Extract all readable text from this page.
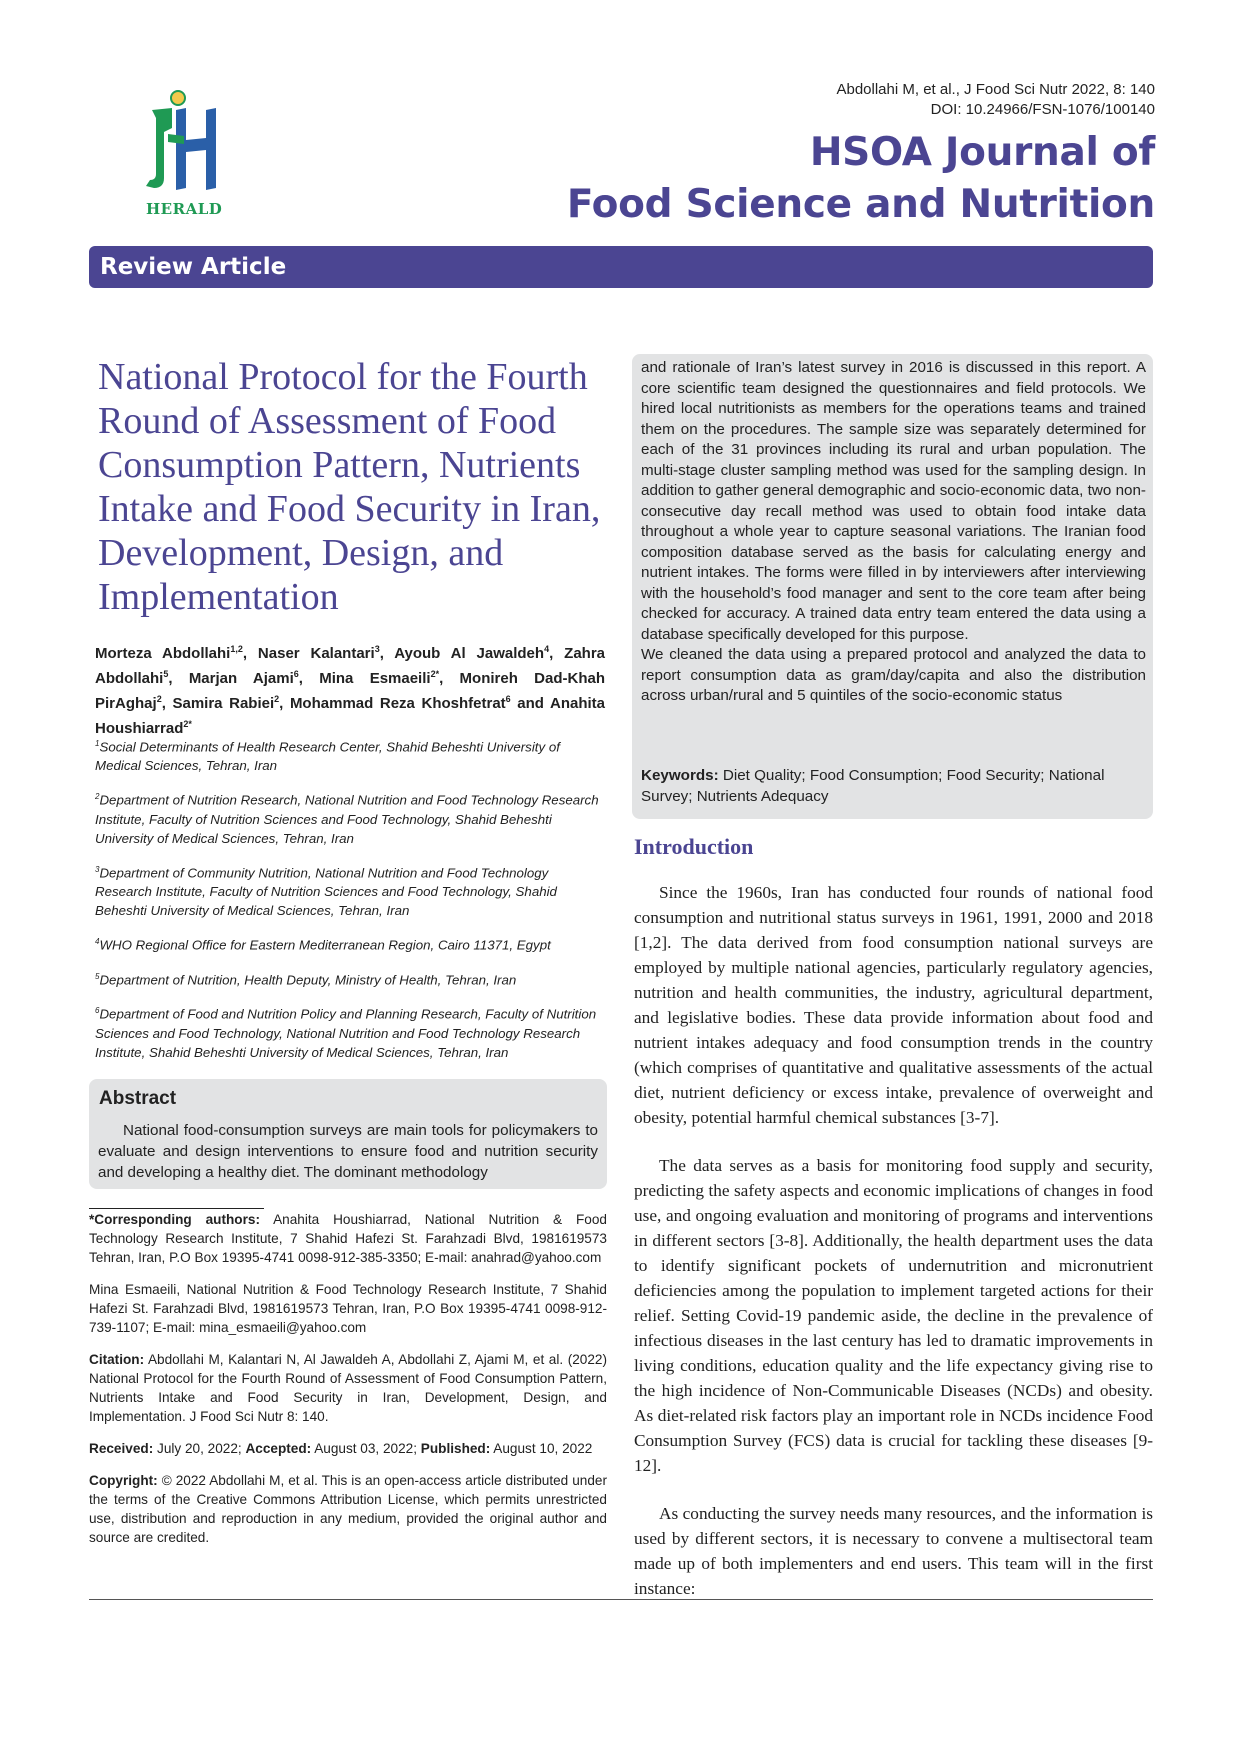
HERALD
Abdollahi M, et al., J Food Sci Nutr 2022, 8: 140
DOI: 10.24966/FSN-1076/100140
HSOA Journal of
Food Science and Nutrition
Review Article
National Protocol for the Fourth Round of Assessment of Food Consumption Pattern, Nutrients Intake and Food Security in Iran, Development, Design, and Implementation
Morteza Abdollahi$^{1,2}$, Naser Kalantari$^3$, Ayoub Al Jawaldeh$^4$, Zahra Abdollahi$^5$, Marjan Ajami$^6$, Mina Esmaeili$^{2*}$, Monireh Dad-Khah PirAghaj$^2$, Samira Rabiei$^2$, Mohammad Reza Khoshfetrat$^6$ and Anahita Houshiarrad$^{2*}$

$^1$Social Determinants of Health Research Center, Shahid Beheshti University of Medical Sciences, Tehran, Iran

$^2$Department of Nutrition Research, National Nutrition and Food Technology Research Institute, Faculty of Nutrition Sciences and Food Technology, Shahid Beheshti University of Medical Sciences, Tehran, Iran

$^3$Department of Community Nutrition, National Nutrition and Food Technology Research Institute, Faculty of Nutrition Sciences and Food Technology, Shahid Beheshti University of Medical Sciences, Tehran, Iran

$^4$WHO Regional Office for Eastern Mediterranean Region, Cairo 11371, Egypt

$^5$Department of Nutrition, Health Deputy, Ministry of Health, Tehran, Iran

$^6$Department of Food and Nutrition Policy and Planning Research, Faculty of Nutrition Sciences and Food Technology, National Nutrition and Food Technology Research Institute, Shahid Beheshti University of Medical Sciences, Tehran, Iran

Abstract

National food-consumption surveys are main tools for policymakers to evaluate and design interventions to ensure food and nutrition security and developing a healthy diet. The dominant methodology

*Corresponding authors: Anahita Houshiarrad, National Nutrition & Food Technology Research Institute, 7 Shahid Hafezi St. Farahzadi Blvd, 1981619573 Tehran, Iran, P.O Box 19395-4741 0098-912-385-3350; E-mail: anahrad@yahoo.com

Mina Esmaeili, National Nutrition & Food Technology Research Institute, 7 Shahid Hafezi St. Farahzadi Blvd, 1981619573 Tehran, Iran, P.O Box 19395-4741 0098-912-739-1107; E-mail: mina_esmaeili@yahoo.com

Citation: Abdollahi M, Kalantari N, Al Jawaldeh A, Abdollahi Z, Ajami M, et al. (2022) National Protocol for the Fourth Round of Assessment of Food Consumption Pattern, Nutrients Intake and Food Security in Iran, Development, Design, and Implementation. J Food Sci Nutr 8: 140.

Received: July 20, 2022; Accepted: August 03, 2022; Published: August 10, 2022

Copyright: © 2022 Abdollahi M, et al. This is an open-access article distributed under the terms of the Creative Commons Attribution License, which permits unrestricted use, distribution and reproduction in any medium, provided the original author and source are credited.

and rationale of Iran’s latest survey in 2016 is discussed in this report. A core scientific team designed the questionnaires and field protocols. We hired local nutritionists as members for the operations teams and trained them on the procedures. The sample size was separately determined for each of the 31 provinces including its rural and urban population. The multi-stage cluster sampling method was used for the sampling design. In addition to gather general demographic and socio-economic data, two non-consecutive day recall method was used to obtain food intake data throughout a whole year to capture seasonal variations. The Iranian food composition database served as the basis for calculating energy and nutrient intakes. The forms were filled in by interviewers after interviewing with the household’s food manager and sent to the core team after being checked for accuracy. A trained data entry team entered the data using a database specifically developed for this purpose.
We cleaned the data using a prepared protocol and analyzed the data to report consumption data as gram/day/capita and also the distribution across urban/rural and 5 quintiles of the socio-economic status
Keywords: Diet Quality; Food Consumption; Food Security; National Survey; Nutrients Adequacy
Introduction

Since the 1960s, Iran has conducted four rounds of national food consumption and nutritional status surveys in 1961, 1991, 2000 and 2018 [1,2]. The data derived from food consumption national surveys are employed by multiple national agencies, particularly regulatory agencies, nutrition and health communities, the industry, agricultural department, and legislative bodies. These data provide information about food and nutrient intakes adequacy and food consumption trends in the country (which comprises of quantitative and qualitative assessments of the actual diet, nutrient deficiency or excess intake, prevalence of overweight and obesity, potential harmful chemical substances [3-7].

The data serves as a basis for monitoring food supply and security, predicting the safety aspects and economic implications of changes in food use, and ongoing evaluation and monitoring of programs and interventions in different sectors [3-8]. Additionally, the health department uses the data to identify significant pockets of undernutrition and micronutrient deficiencies among the population to implement targeted actions for their relief. Setting Covid-19 pandemic aside, the decline in the prevalence of infectious diseases in the last century has led to dramatic improvements in living conditions, education quality and the life expectancy giving rise to the high incidence of Non-Communicable Diseases (NCDs) and obesity. As diet-related risk factors play an important role in NCDs incidence Food Consumption Survey (FCS) data is crucial for tackling these diseases [9-12].

As conducting the survey needs many resources, and the information is used by different sectors, it is necessary to convene a multisectoral team made up of both implementers and end users. This team will in the first instance:
